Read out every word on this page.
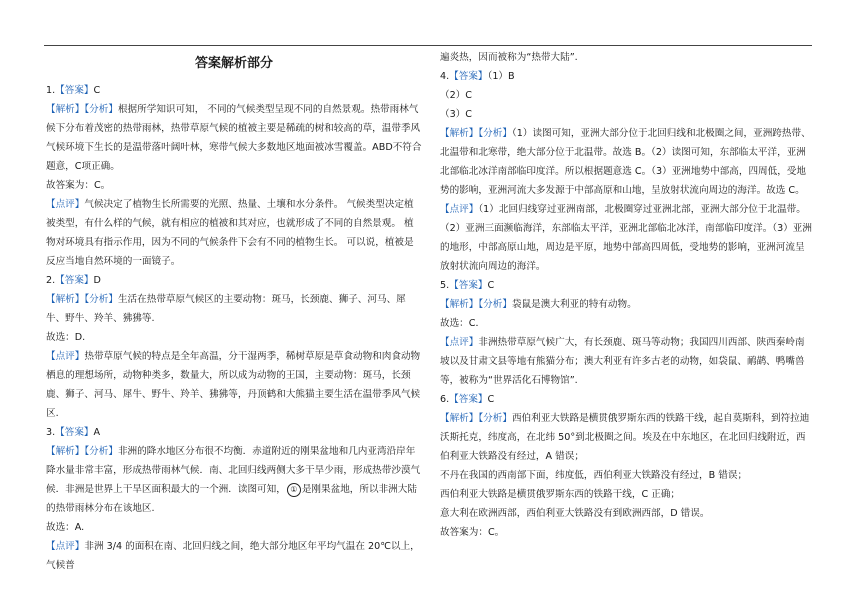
答案解析部分

1.【答案】C

【解析】【分析】根据所学知识可知， 不同的气候类型呈现不同的自然景观。热带雨林气候下分布着茂密的热带雨林，热带草原气候的植被主要是稀疏的树和较高的草，温带季风气候环境下生长的是温带落叶阔叶林，寒带气候大多数地区地面被冰雪覆盖。ABD不符合题意，C项正确。

故答案为：C。

【点评】气候决定了植物生长所需要的光照、热量、土壤和水分条件。 气候类型决定植被类型，有什么样的气候，就有相应的植被和其对应，也就形成了不同的自然景观。 植物对环境具有指示作用，因为不同的气候条件下会有不同的植物生长。 可以说，植被是反应当地自然环境的一面镜子。

2.【答案】D

【解析】【分析】生活在热带草原气候区的主要动物：斑马，长颈鹿、狮子、河马、犀牛、野牛、羚羊、狒狒等.

故选：D.

【点评】热带草原气候的特点是全年高温，分干湿两季，稀树草原是草食动物和肉食动物栖息的理想场所，动物种类多，数量大，所以成为动物的王国，主要动物：斑马，长颈鹿、狮子、河马、犀牛、野牛、羚羊、狒狒等，丹顶鹤和大熊猫主要生活在温带季风气候区.

3.【答案】A

【解析】【分析】非洲的降水地区分布很不均衡．赤道附近的刚果盆地和几内亚湾沿岸年降水量非常丰富，形成热带雨林气候．南、北回归线两侧大多干旱少雨，形成热带沙漠气候．非洲是世界上干旱区面积最大的一个洲．读图可知， ① 是刚果盆地，所以非洲大陆的热带雨林分布在该地区.

故选：A.

【点评】非洲 3/4 的面积在南、北回归线之间，绝大部分地区年平均气温在 20℃以上，气候普

遍炎热，因而被称为“热带大陆”.

4.【答案】（1）B

（2）C

（3）C

【解析】【分析】（1）读图可知，亚洲大部分位于北回归线和北极圈之间，亚洲跨热带、北温带和北寒带，绝大部分位于北温带。故选 B。（2）读图可知，东部临太平洋，亚洲北部临北冰洋南部临印度洋。所以根据题意选 C。（3）亚洲地势中部高，四周低，受地势的影响，亚洲河流大多发源于中部高原和山地，呈放射状流向周边的海洋。故选 C。

【点评】（1）北回归线穿过亚洲南部，北极圈穿过亚洲北部，亚洲大部分位于北温带。（2）亚洲三面濒临海洋，东部临太平洋，亚洲北部临北冰洋，南部临印度洋。（3）亚洲的地形，中部高原山地，周边是平原，地势中部高四周低，受地势的影响，亚洲河流呈放射状流向周边的海洋。

5.【答案】C

【解析】【分析】袋鼠是澳大利亚的特有动物。

故选：C．

【点评】非洲热带草原气候广大，有长颈鹿、斑马等动物；我国四川西部、陕西秦岭南坡以及甘肃文县等地有熊猫分布；澳大利亚有许多古老的动物，如袋鼠、鸸鹋、鸭嘴兽等，被称为“世界活化石博物馆”.

6.【答案】C

【解析】【分析】西伯利亚大铁路是横贯俄罗斯东西的铁路干线，起自莫斯科，到符拉迪沃斯托克，纬度高，在北纬 50°到北极圈之间。埃及在中东地区，在北回归线附近，西伯利亚大铁路没有经过，A 错误；

不丹在我国的西南部下面，纬度低，西伯利亚大铁路没有经过，B 错误；

西伯利亚大铁路是横贯俄罗斯东西的铁路干线，C 正确；

意大利在欧洲西部，西伯利亚大铁路没有到欧洲西部，D 错误。

故答案为：C。
